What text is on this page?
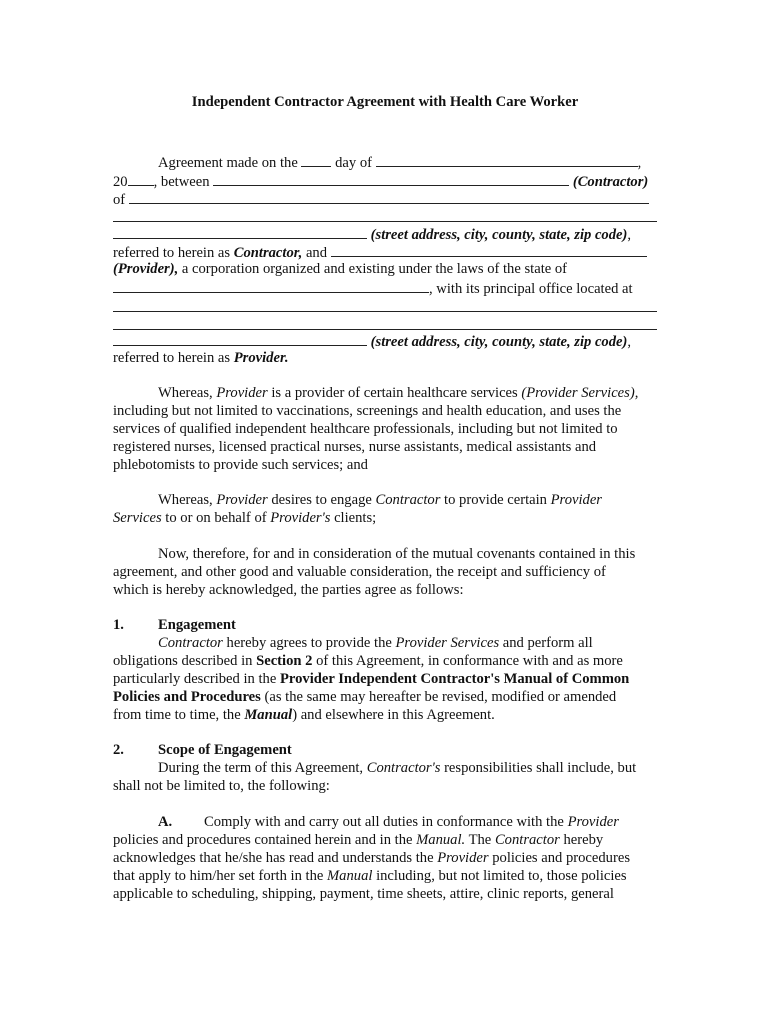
Independent Contractor Agreement with Health Care Worker
Agreement made on the	day of	,
20 , between	(Contractor)
of
(street address, city, county, state, zip code),
referred to herein as Contractor, and
(Provider), a corporation organized and existing under the laws of the state of
, with its principal office located at
(street address, city, county, state, zip code),
referred to herein as Provider.
Whereas, Provider is a provider of certain healthcare services (Provider Services),
including but not limited to vaccinations, screenings and health education, and uses the
services of qualified independent healthcare professionals, including but not limited to
registered nurses, licensed practical nurses, nurse assistants, medical assistants and
phlebotomists to provide such services; and
Whereas, Provider desires to engage Contractor to provide certain Provider
Services to or on behalf of Provider's clients;
Now, therefore, for and in consideration of the mutual covenants contained in this
agreement, and other good and valuable consideration, the receipt and sufficiency of
which is hereby acknowledged, the parties agree as follows:
1. Engagement
Contractor hereby agrees to provide the Provider Services and perform all
obligations described in Section 2 of this Agreement, in conformance with and as more
particularly described in the Provider Independent Contractor's Manual of Common
Policies and Procedures (as the same may hereafter be revised, modified or amended
from time to time, the Manual) and elsewhere in this Agreement.
2. Scope of Engagement
During the term of this Agreement, Contractor's responsibilities shall include, but
shall not be limited to, the following:
A. Comply with and carry out all duties in conformance with the Provider
policies and procedures contained herein and in the Manual. The Contractor hereby
acknowledges that he/she has read and understands the Provider policies and procedures
that apply to him/her set forth in the Manual including, but not limited to, those policies
applicable to scheduling, shipping, payment, time sheets, attire, clinic reports, general
